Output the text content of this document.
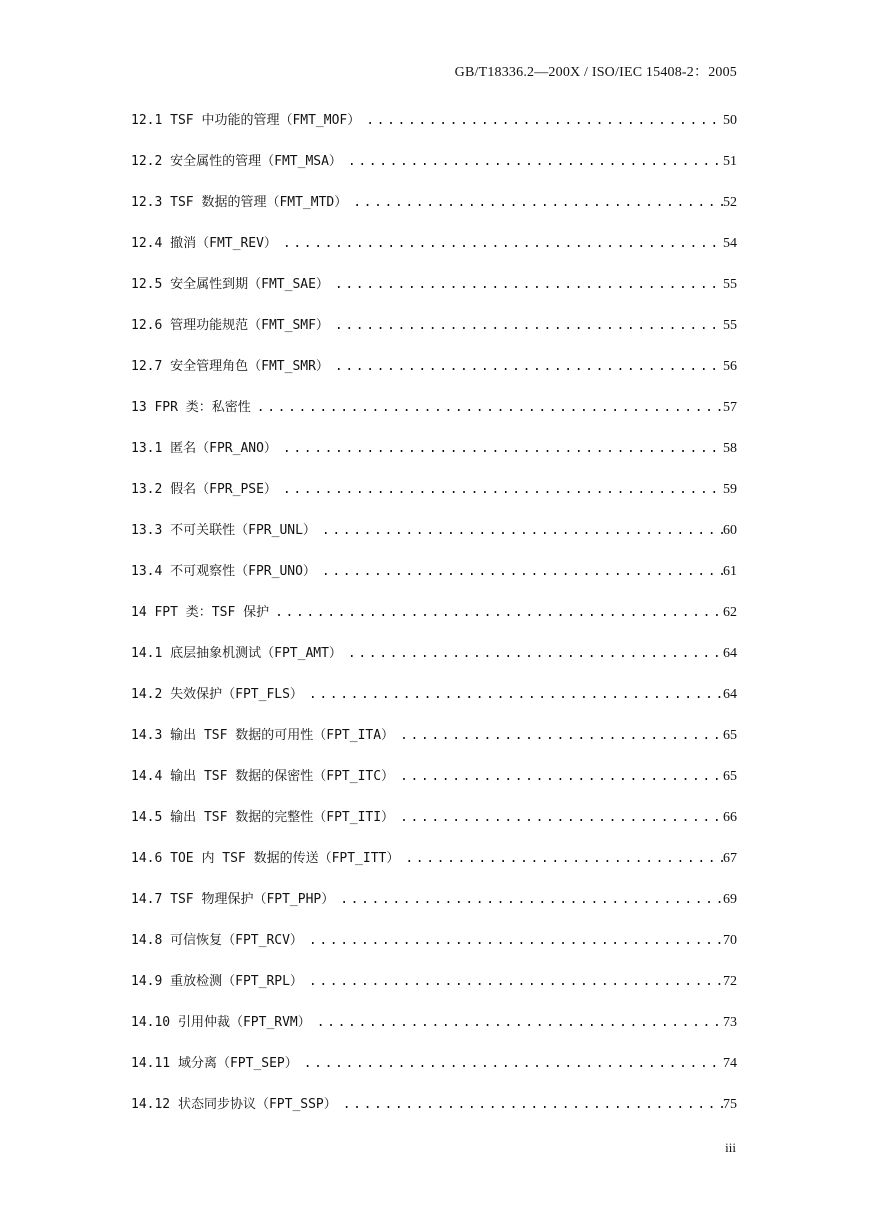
GB/T18336.2—200X / ISO/IEC 15408-2：2005
12.1 TSF 中功能的管理（FMT_MOF） .....	50
12.2 安全属性的管理（FMT_MSA） .....	51
12.3 TSF 数据的管理（FMT_MTD） .....	52
12.4 撤消（FMT_REV） .....	54
12.5 安全属性到期（FMT_SAE） .....	55
12.6 管理功能规范（FMT_SMF） .....	55
12.7 安全管理角色（FMT_SMR） .....	56
13 FPR 类：私密性 .....	57
13.1 匿名（FPR_ANO） .....	58
13.2 假名（FPR_PSE） .....	59
13.3 不可关联性（FPR_UNL） .....	60
13.4 不可观察性（FPR_UNO） .....	61
14 FPT 类：TSF 保护 .....	62
14.1 底层抽象机测试（FPT_AMT） .....	64
14.2 失效保护（FPT_FLS） .....	64
14.3 输出 TSF 数据的可用性（FPT_ITA） .....	65
14.4 输出 TSF 数据的保密性（FPT_ITC） .....	65
14.5 输出 TSF 数据的完整性（FPT_ITI） .....	66
14.6 TOE 内 TSF 数据的传送（FPT_ITT） .....	67
14.7 TSF 物理保护（FPT_PHP） .....	69
14.8 可信恢复（FPT_RCV） .....	70
14.9 重放检测（FPT_RPL） .....	72
14.10 引用仲裁（FPT_RVM） .....	73
14.11 域分离（FPT_SEP） .....	74
14.12 状态同步协议（FPT_SSP） .....	75
iii
